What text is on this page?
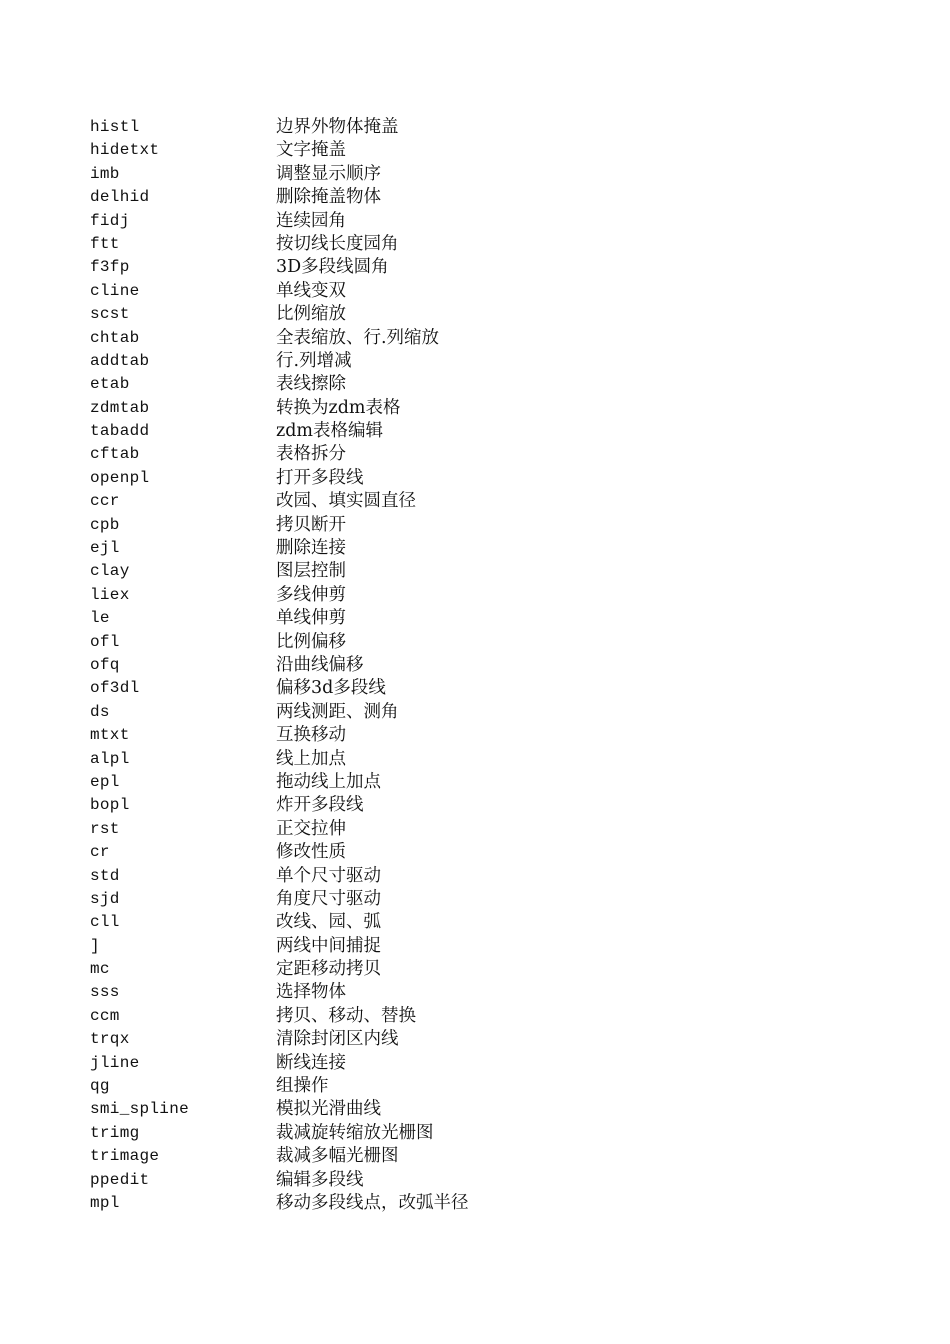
histl	边界外物体掩盖
hidetxt	文字掩盖
imb	调整显示顺序
delhid	删除掩盖物体
fidj	连续园角
ftt	按切线长度园角
f3fp	3D多段线圆角
cline	单线变双
scst	比例缩放
chtab	全表缩放、行.列缩放
addtab	行.列增减
etab	表线擦除
zdmtab	转换为zdm表格
tabadd	zdm表格编辑
cftab	表格拆分
openpl	打开多段线
ccr	改园、填实圆直径
cpb	拷贝断开
ejl	删除连接
clay	图层控制
liex	多线伸剪
le	单线伸剪
ofl	比例偏移
ofq	沿曲线偏移
of3dl	偏移3d多段线
ds	两线测距、测角
mtxt	互换移动
alpl	线上加点
epl	拖动线上加点
bopl	炸开多段线
rst	正交拉伸
cr	修改性质
std	单个尺寸驱动
sjd	角度尺寸驱动
cll	改线、园、弧
]	两线中间捕捉
mc	定距移动拷贝
sss	选择物体
ccm	拷贝、移动、替换
trqx	清除封闭区内线
jline	断线连接
qg	组操作
smi_spline	模拟光滑曲线
trimg	裁减旋转缩放光栅图
trimage	裁减多幅光栅图
ppedit	编辑多段线
mpl	移动多段线点，改弧半径
